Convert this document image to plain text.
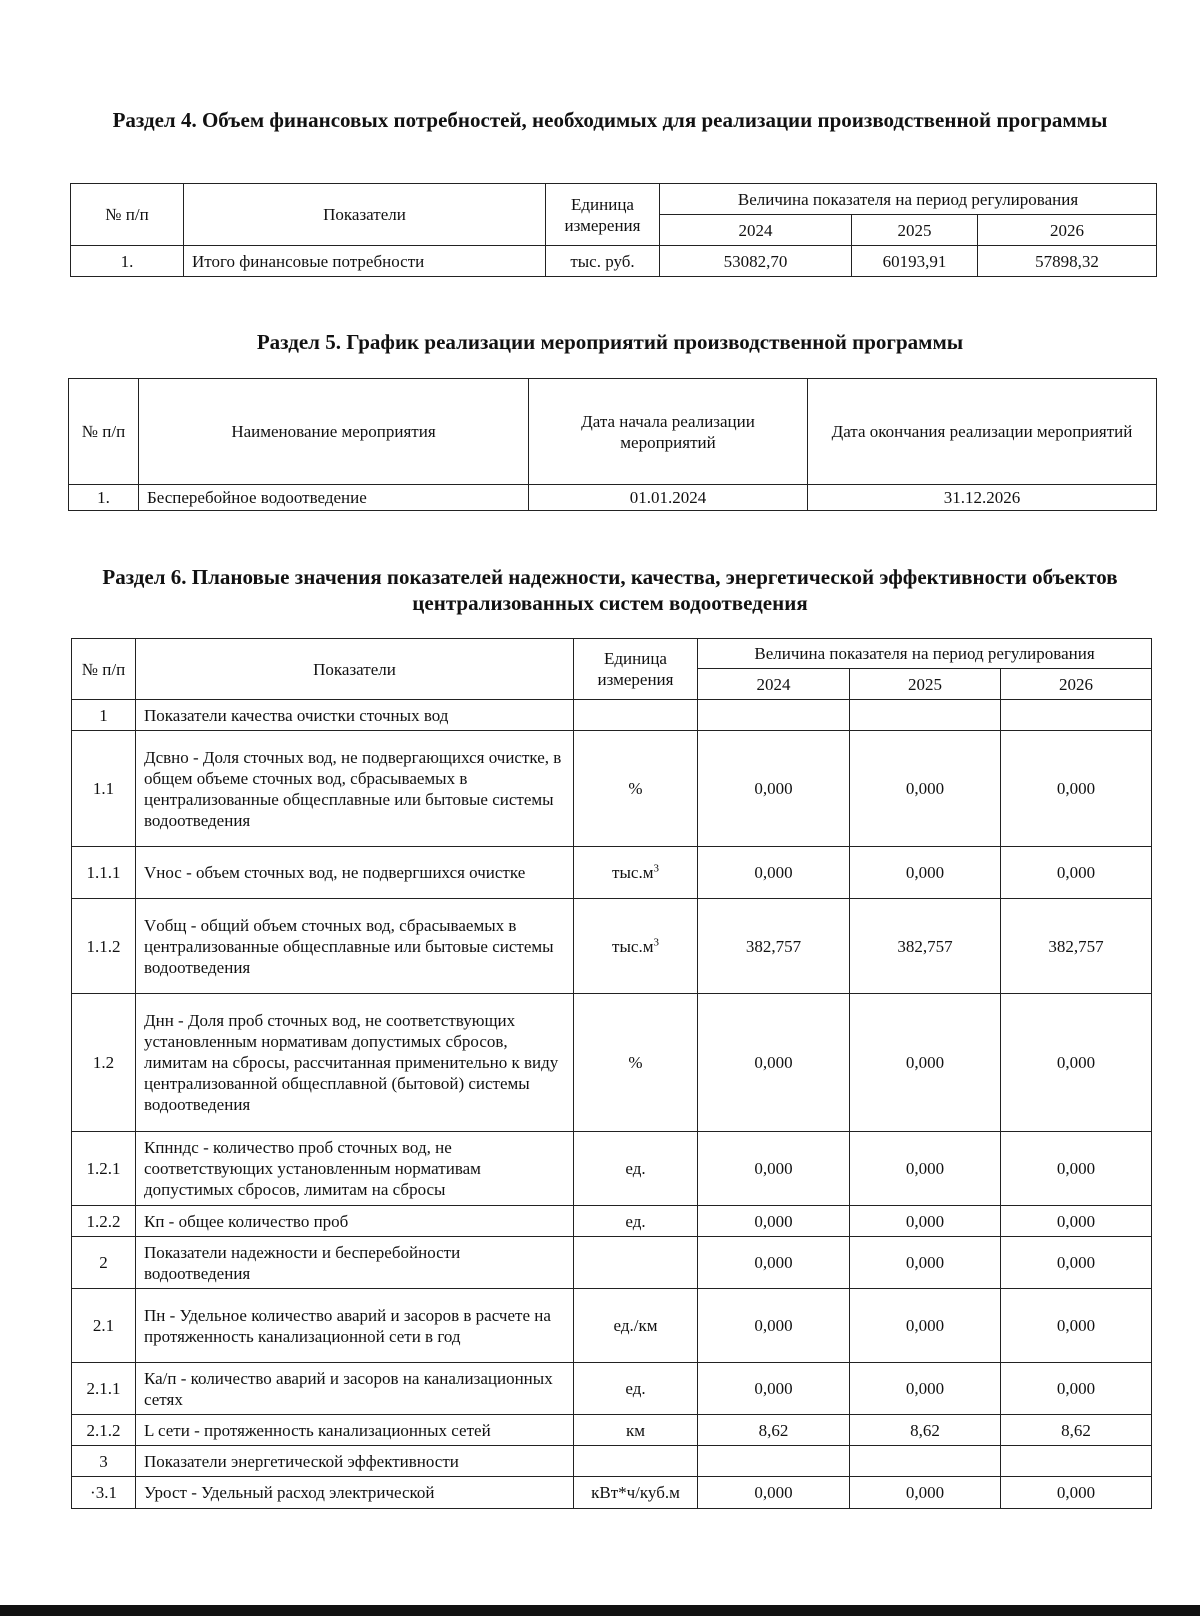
Раздел 4. Объем финансовых потребностей, необходимых для реализации производственной программы
№ п/п	Показатели	Единица измерения	Величина показателя на период регулирования		
			2024	2025	2026
1.	Итого финансовые потребности	тыс. руб.	53082,70	60193,91	57898,32
Раздел 5. График реализации мероприятий производственной программы
№ п/п	Наименование мероприятия	Дата начала реализации мероприятий	Дата окончания реализации мероприятий
1.	Бесперебойное водоотведение	01.01.2024	31.12.2026
Раздел 6. Плановые значения показателей надежности, качества, энергетической эффективности объектов централизованных систем водоотведения
№ п/п	Показатели	Единица измерения	Величина показателя на период регулирования		
			2024	2025	2026
1	Показатели качества очистки сточных вод				
1.1	Дсвно - Доля сточных вод, не подвергающихся очистке, в общем объеме сточных вод, сбрасываемых в централизованные общесплавные или бытовые системы водоотведения	%	0,000	0,000	0,000
1.1.1	Vнос - объем сточных вод, не подвергшихся очистке	$тыс.м^3$	0,000	0,000	0,000
1.1.2	Vобщ - общий объем сточных вод, сбрасываемых в централизованные общесплавные или бытовые системы водоотведения	$тыс.м^3$	382,757	382,757	382,757
1.2	Днн - Доля проб сточных вод, не соответствующих установленным нормативам допустимых сбросов, лимитам на сбросы, рассчитанная применительно к виду централизованной общесплавной (бытовой) системы водоотведения	%	0,000	0,000	0,000
1.2.1	Кпнндс - количество проб сточных вод, не соответствующих установленным нормативам допустимых сбросов, лимитам на сбросы	ед.	0,000	0,000	0,000
1.2.2	Кп - общее количество проб	ед.	0,000	0,000	0,000
2	Показатели надежности и бесперебойности водоотведения		0,000	0,000	0,000
2.1	Пн - Удельное количество аварий и засоров в расчете на протяженность канализационной сети в год	ед./км	0,000	0,000	0,000
2.1.1	Ка/п - количество аварий и засоров на канализационных сетях	ед.	0,000	0,000	0,000
2.1.2	L сети - протяженность канализационных сетей	км	8,62	8,62	8,62
3	Показатели энергетической эффективности				
·3.1	Урост - Удельный расход электрической	кВт*ч/куб.м	0,000	0,000	0,000
